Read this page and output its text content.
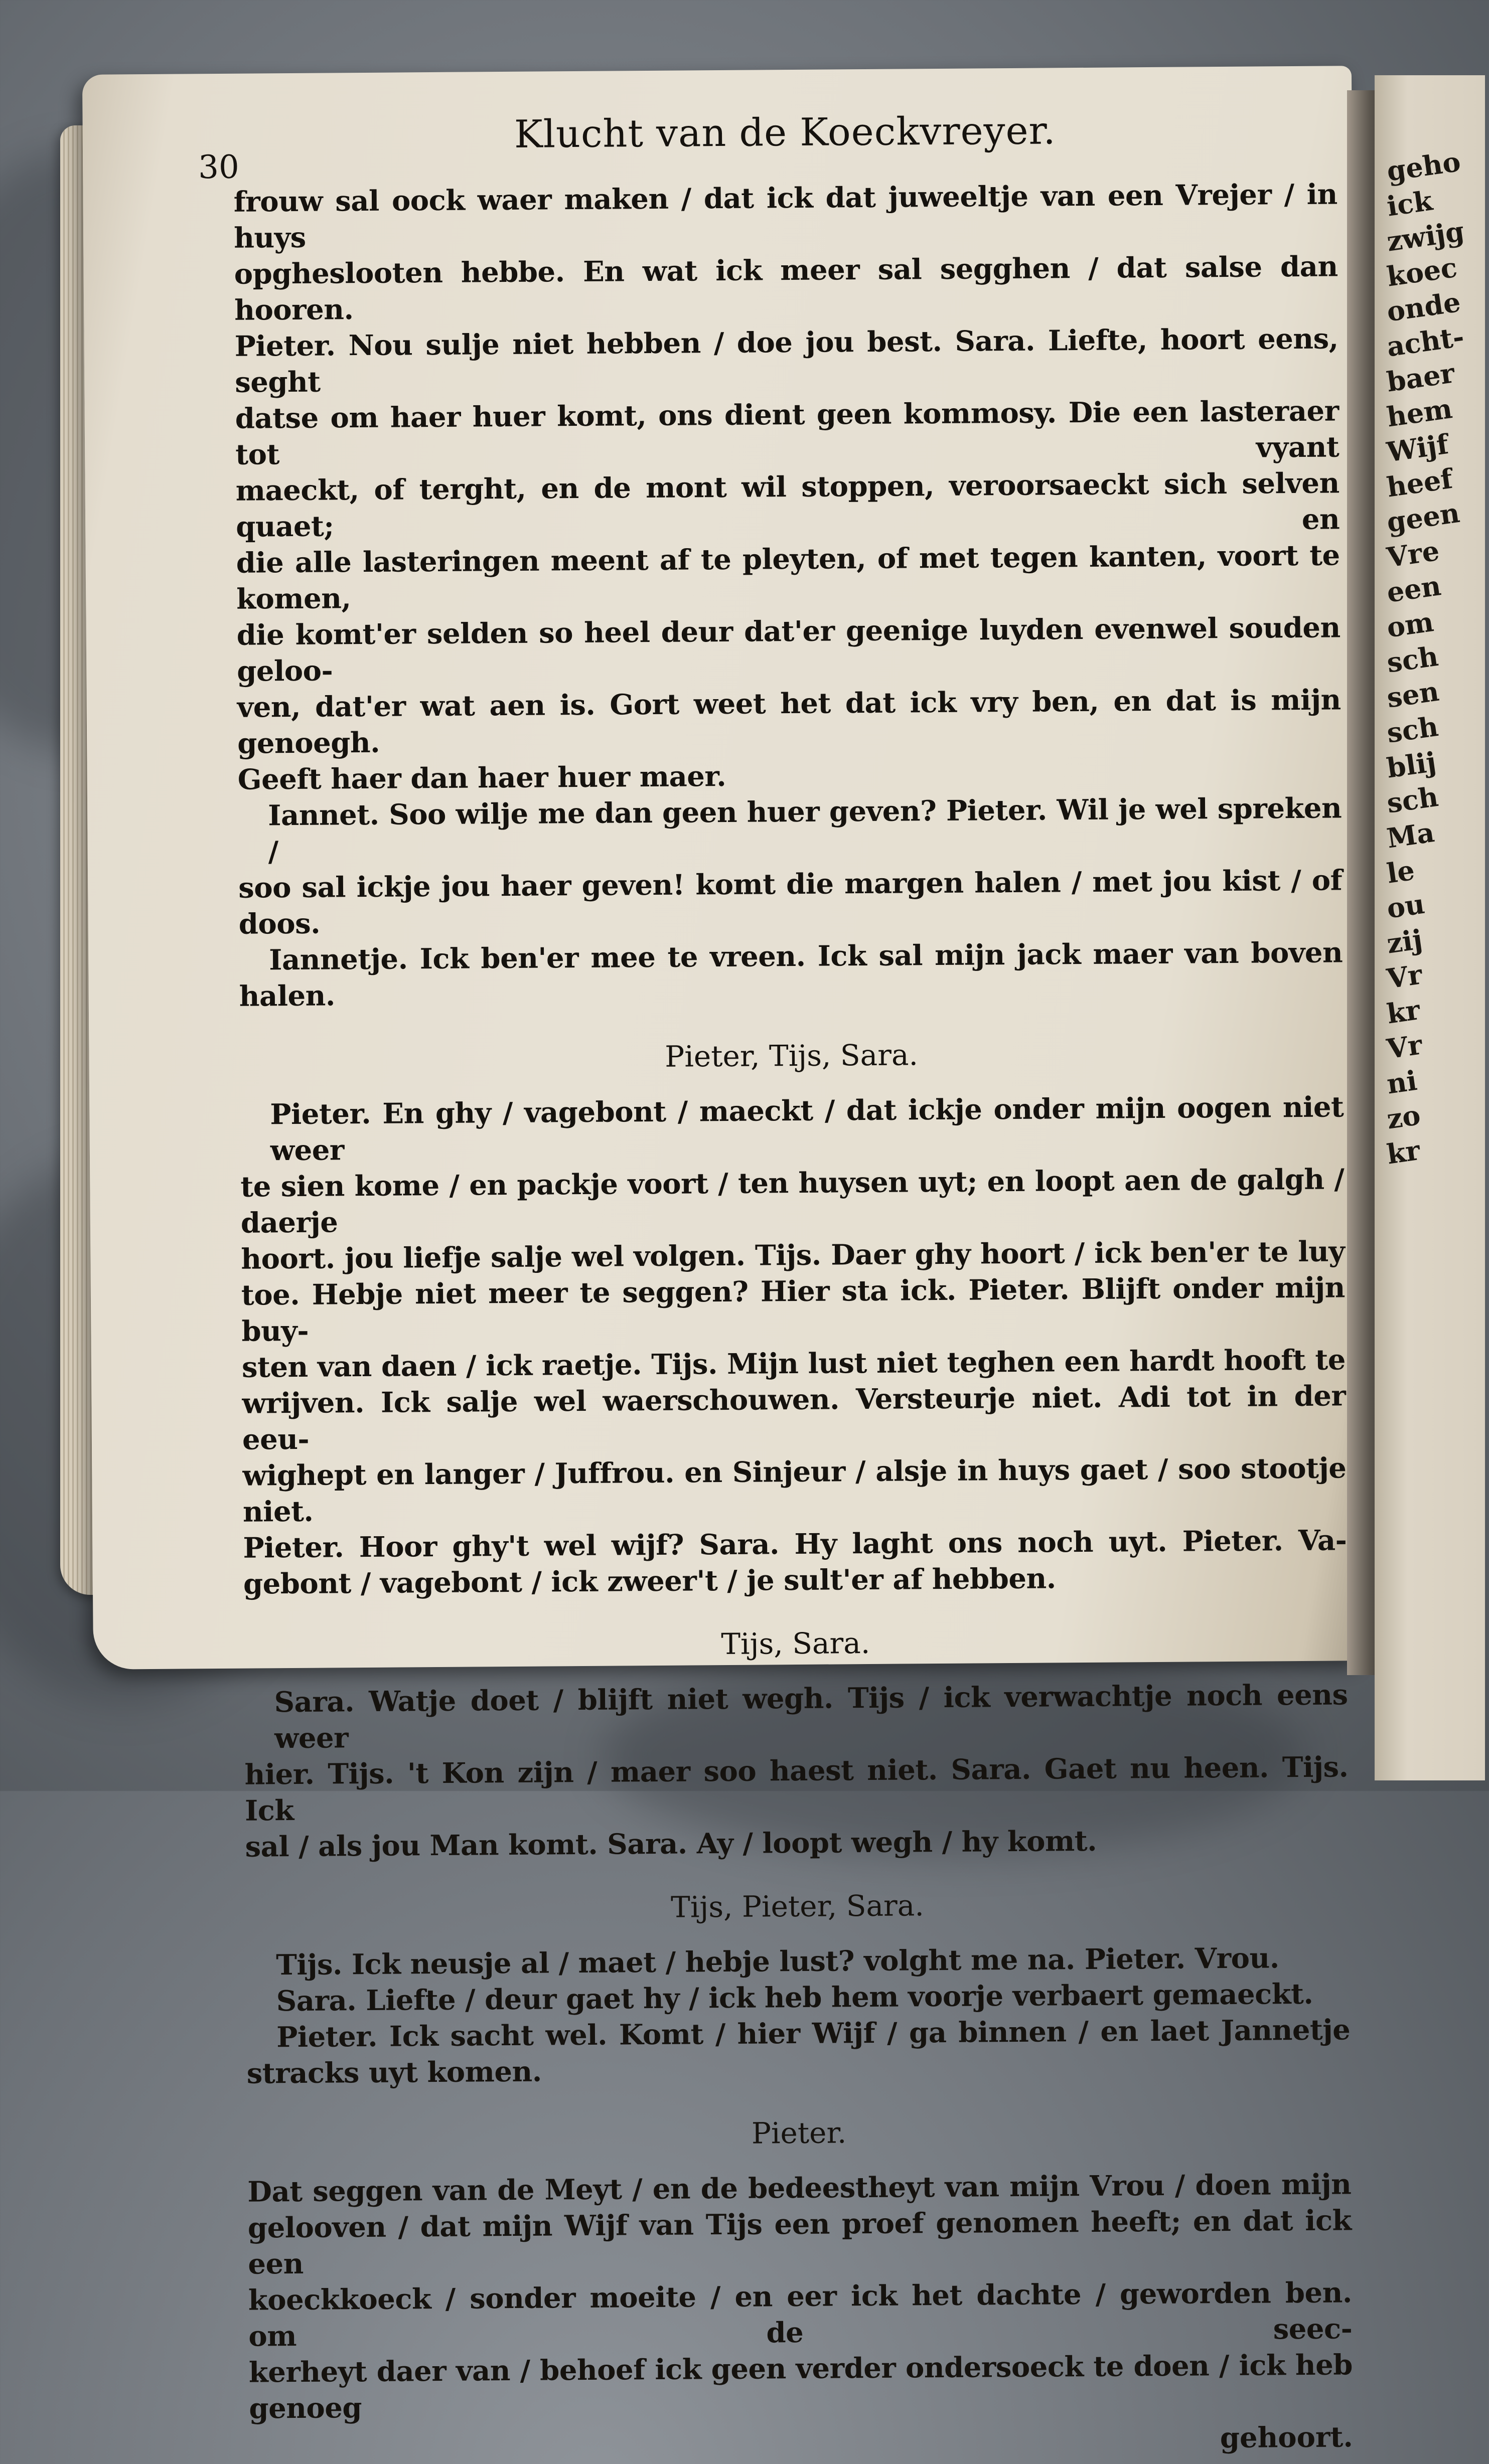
Klucht van de Koeckvreyer.
30

frouw sal oock waer maken / dat ick dat juweeltje van een Vrejer / in huys

opgheslooten hebbe. En wat ick meer sal segghen / dat salse dan hooren.

Pieter. Nou sulje niet hebben / doe jou best. Sara. Liefte, hoort eens, seght

datse om haer huer komt, ons dient geen kommosy. Die een lasteraer tot vyant

maeckt, of terght, en de mont wil stoppen, veroorsaeckt sich selven quaet; en

die alle lasteringen meent af te pleyten, of met tegen kanten, voort te komen,

die komt'er selden so heel deur dat'er geenige luyden evenwel souden geloo-

ven, dat'er wat aen is. Gort weet het dat ick vry ben, en dat is mijn genoegh.

Geeft haer dan haer huer maer.

Iannet. Soo wilje me dan geen huer geven? Pieter. Wil je wel spreken /

soo sal ickje jou haer geven! komt die margen halen / met jou kist / of doos.

Iannetje. Ick ben'er mee te vreen. Ick sal mijn jack maer van boven

halen.

Pieter, Tijs, Sara.

Pieter. En ghy / vagebont / maeckt / dat ickje onder mijn oogen niet weer

te sien kome / en packje voort / ten huysen uyt; en loopt aen de galgh / daerje

hoort. jou liefje salje wel volgen. Tijs. Daer ghy hoort / ick ben'er te luy

toe. Hebje niet meer te seggen? Hier sta ick. Pieter. Blijft onder mijn buy-

sten van daen / ick raetje. Tijs. Mijn lust niet teghen een hardt hooft te

wrijven. Ick salje wel waerschouwen. Versteurje niet. Adi tot in der eeu-

wighept en langer / Juffrou. en Sinjeur / alsje in huys gaet / soo stootje niet.

Pieter. Hoor ghy't wel wijf? Sara. Hy laght ons noch uyt. Pieter. Va-

gebont / vagebont / ick zweer't / je sult'er af hebben.

Tijs, Sara.

Sara. Watje doet / blijft niet wegh. Tijs / ick verwachtje noch eens weer

hier. Tijs. 't Kon zijn / maer soo haest niet. Sara. Gaet nu heen. Tijs. Ick

sal / als jou Man komt. Sara. Ay / loopt wegh / hy komt.

Tijs, Pieter, Sara.

Tijs. Ick neusje al / maet / hebje lust? volght me na. Pieter. Vrou.

Sara. Liefte / deur gaet hy / ick heb hem voorje verbaert gemaeckt.

Pieter. Ick sacht wel. Komt / hier Wijf / ga binnen / en laet Jannetje

stracks uyt komen.

Pieter.

Dat seggen van de Meyt / en de bedeestheyt van mijn Vrou / doen mijn

gelooven / dat mijn Wijf van Tijs een proef genomen heeft; en dat ick een

koeckkoeck / sonder moeite / en eer ick het dachte / geworden ben. om de seec-

kerheyt daer van / behoef ick geen verder ondersoeck te doen / ick heb genoeg

gehoort.
geho
ick
zwijg
koec
onde
acht-
baer
hem
Wijf
heef
geen
Vre
een
om
sch
sen
sch
blij
sch
Ma
le
ou
zij
Vr
kr
Vr
ni
zo
kr
